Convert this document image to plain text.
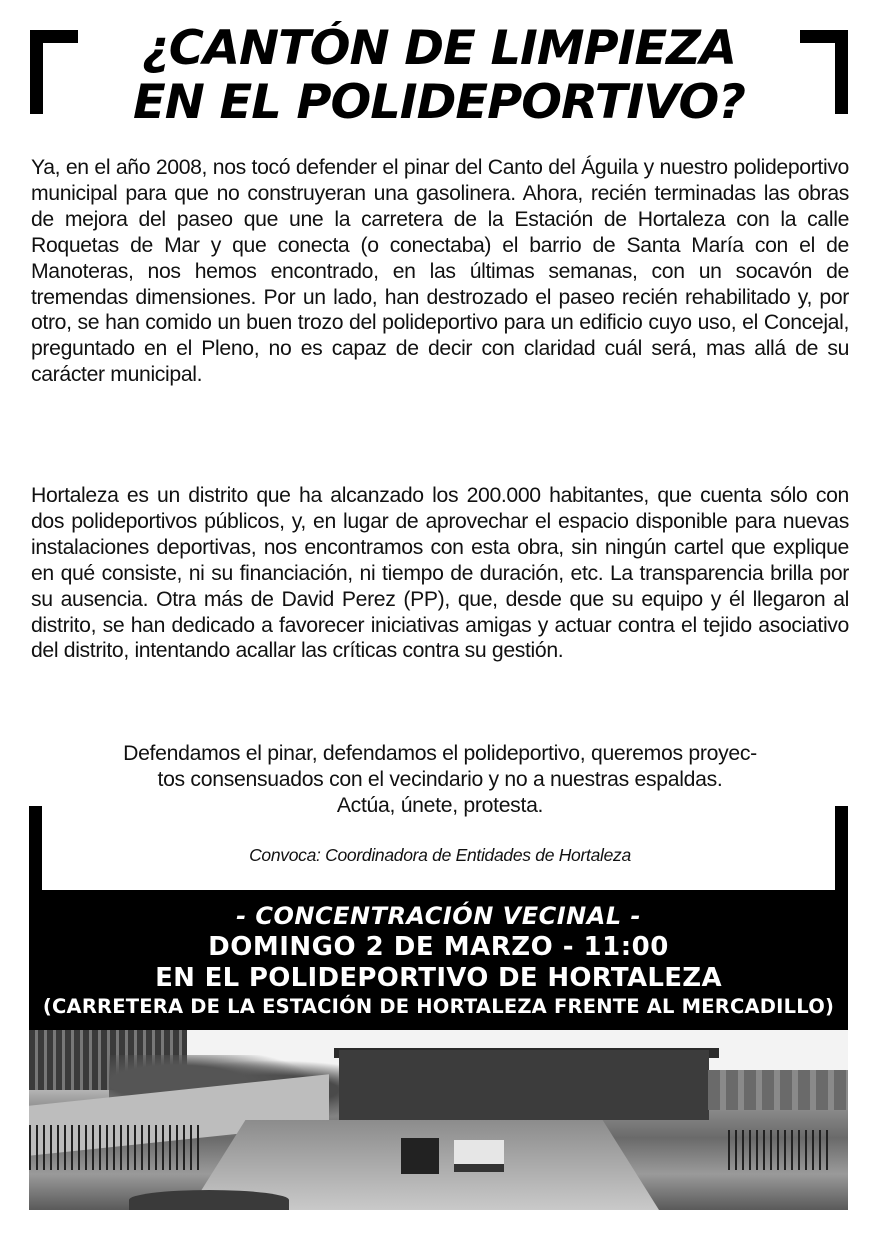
¿CANTÓN DE LIMPIEZA
EN EL POLIDEPORTIVO?

Ya, en el año 2008, nos tocó defender el pinar del Canto del Águila y nuestro polideportivo municipal para que no construyeran una gasolinera. Ahora, recién terminadas las obras de mejora del paseo que une la carretera de la Estación de Hortaleza con la calle Roquetas de Mar y que conecta (o conectaba) el barrio de Santa María con el de Manoteras, nos hemos encontrado, en las últimas semanas, con un socavón de tremendas dimensiones. Por un lado, han destrozado el paseo recién rehabilitado y, por otro, se han comido un buen trozo del polideportivo para un edificio cuyo uso, el Concejal, preguntado en el Pleno, no es capaz de decir con claridad cuál será, mas allá de su carácter municipal.

Hortaleza es un distrito que ha alcanzado los 200.000 habitantes, que cuenta sólo con dos polideportivos públicos, y, en lugar de aprovechar el espacio disponible para nuevas instalaciones deportivas, nos encontramos con esta obra, sin ningún cartel que explique en qué consiste, ni su financiación, ni tiempo de duración, etc. La transparencia brilla por su ausencia. Otra más de David Perez (PP), que, desde que su equipo y él llegaron al distrito, se han dedicado a favorecer iniciativas amigas y actuar contra el tejido asociativo del distrito, intentando acallar las críticas contra su gestión.

Defendamos el pinar, defendamos el polideportivo, queremos proyec-
tos consensuados con el vecindario y no a nuestras espaldas.
Actúa, únete, protesta.
Convoca: Coordinadora de Entidades de Hortaleza
- CONCENTRACIÓN VECINAL -
DOMINGO 2 DE MARZO - 11:00
EN EL POLIDEPORTIVO DE HORTALEZA
(CARRETERA DE LA ESTACIÓN DE HORTALEZA FRENTE AL MERCADILLO)
